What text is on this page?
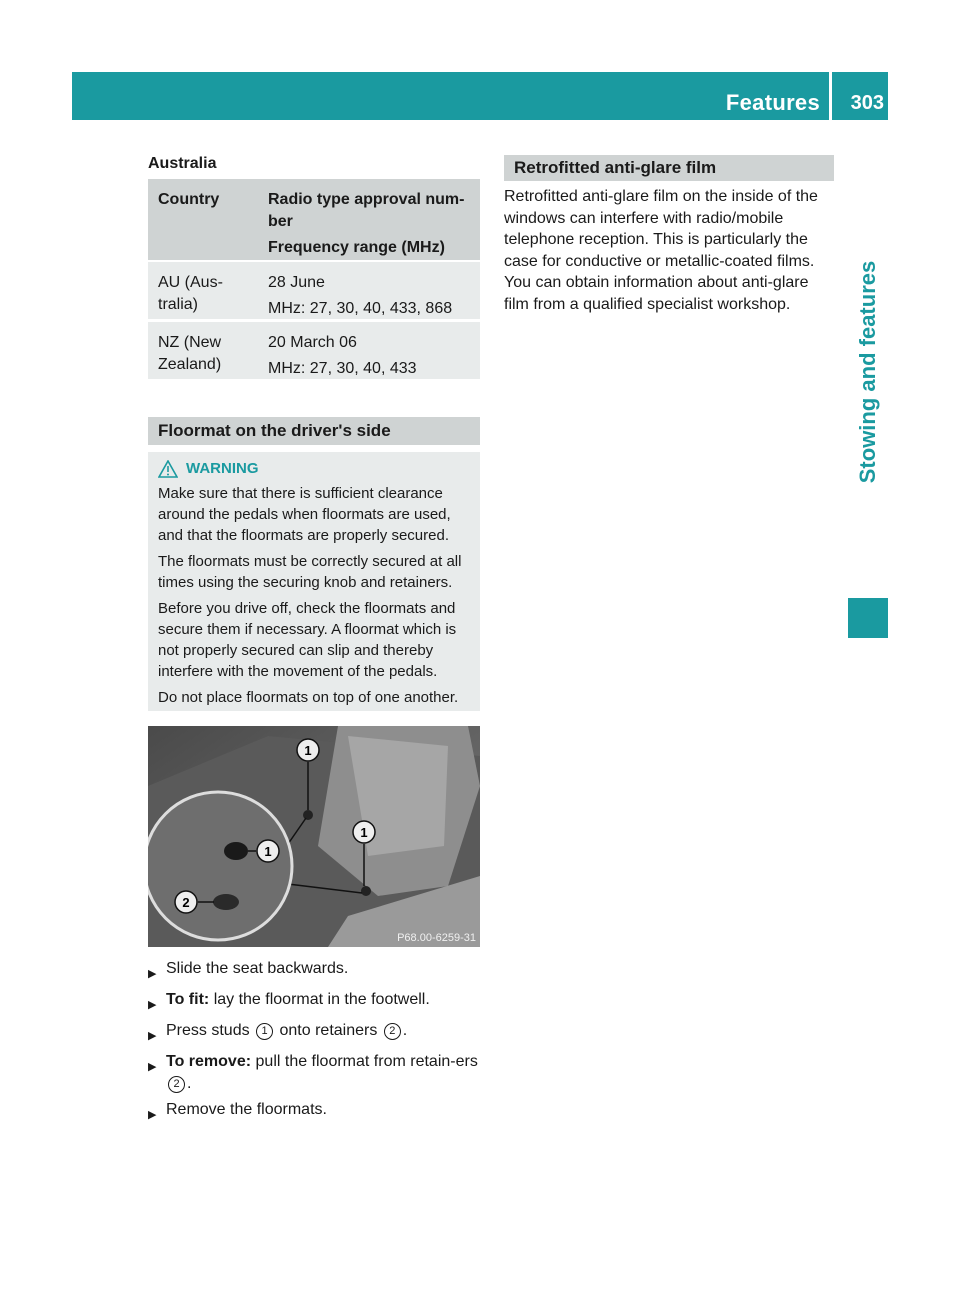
Features 303
Stowing and features
Australia
Country	Radio type approval num-ber

Frequency range (MHz)

AU (Aus-tralia)

28 June

MHz: 27, 30, 40, 433, 868

NZ (New Zealand)

20 March 06

MHz: 27, 30, 40, 433

Floormat on the driver's side
WARNING

Make sure that there is sufficient clearance around the pedals when floormats are used, and that the floormats are properly secured.

The floormats must be correctly secured at all times using the securing knob and retainers.

Before you drive off, check the floormats and secure them if necessary. A floormat which is not properly secured can slip and thereby interfere with the movement of the pedals.

Do not place floormats on top of one another.

1
1
1
2
P68.00-6259-31
▶ Slide the seat backwards.
▶ To fit: lay the floormat in the footwell.
▶ Press studs 1 onto retainers 2 .
▶ To remove: pull the floormat from retain-ers 2 .
▶ Remove the floormats.
Retrofitted anti-glare film
Retrofitted anti-glare film on the inside of the windows can interfere with radio/mobile telephone reception. This is particularly the case for conductive or metallic-coated films. You can obtain information about anti-glare film from a qualified specialist workshop.
